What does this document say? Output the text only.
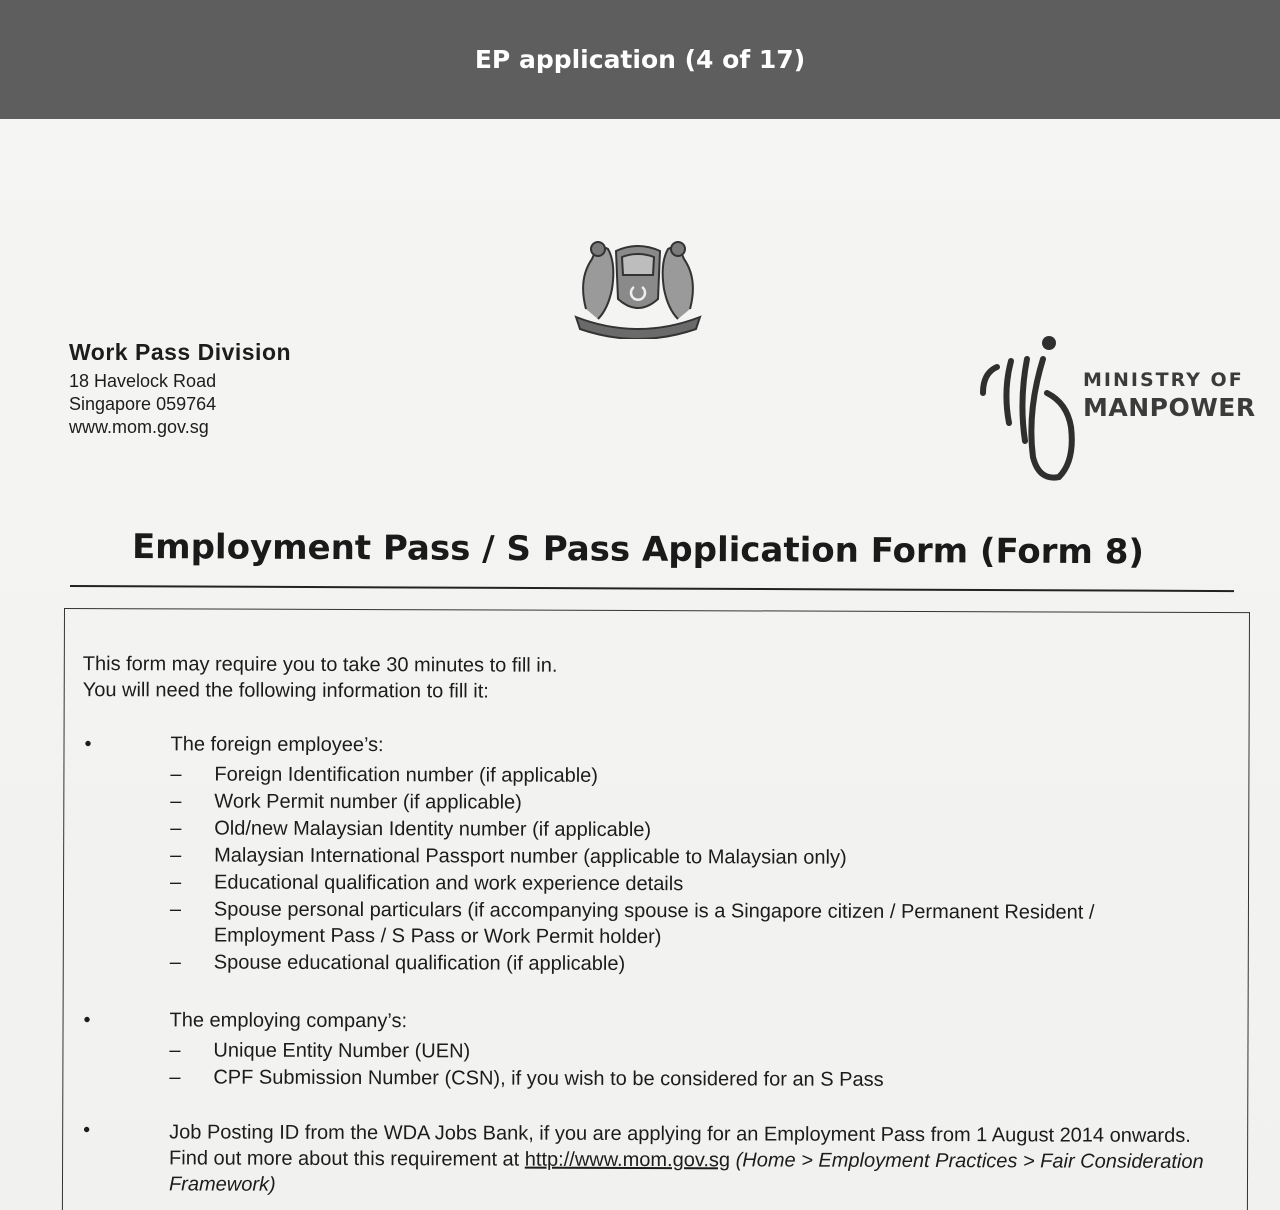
EP application (4 of 17)
Work Pass Division
18 Havelock Road
Singapore 059764
www.mom.gov.sg
MINISTRY OF
MANPOWER
Employment Pass / S Pass Application Form (Form 8)
This form may require you to take 30 minutes to fill in.
You will need the following information to fill it:
•	The foreign employee’s:
– Foreign Identification number (if applicable)
– Work Permit number (if applicable)
– Old/new Malaysian Identity number (if applicable)
– Malaysian International Passport number (applicable to Malaysian only)
– Educational qualification and work experience details
– Spouse personal particulars (if accompanying spouse is a Singapore citizen / Permanent Resident / Employment Pass / S Pass or Work Permit holder)
– Spouse educational qualification (if applicable)
•	The employing company’s:
– Unique Entity Number (UEN)
– CPF Submission Number (CSN), if you wish to be considered for an S Pass
•	Job Posting ID from the WDA Jobs Bank, if you are applying for an Employment Pass from 1 August 2014 onwards. Find out more about this requirement at http://www.mom.gov.sg (Home > Employment Practices > Fair Consideration Framework)
